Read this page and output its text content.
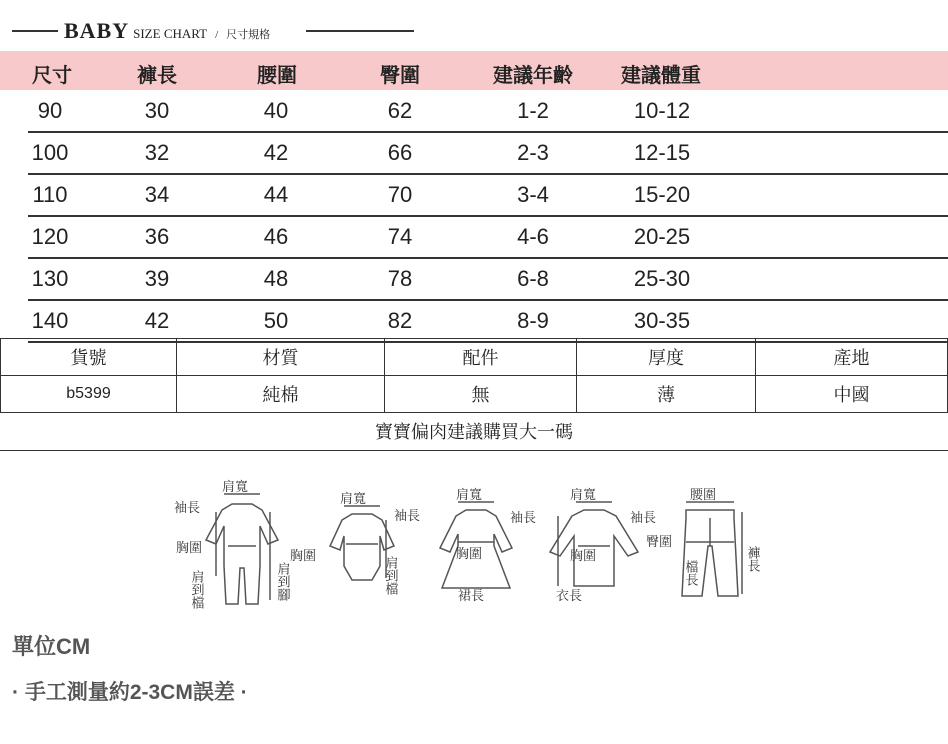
BABY SIZE CHART / 尺寸規格
尺寸	褲長	腰圍	臀圍	建議年齡 建議體重
90	30	40	62	1-2	10-12
100	32	42	66	2-3	12-15
110	34	44	70	3-4	15-20
120	36	46	74	4-6	20-25
130	39	48	78	6-8	25-30
140	42	50	82	8-9	30-35
貨號	材質	配件	厚度	產地
b5399	純棉	無	薄	中國
寶寶偏肉建議購買大一碼
肩寬
袖長
胸圍
肩到檔	肩到腳
肩寬
袖長
胸圍	肩到檔
肩寬
袖長
胸圍
裙長
肩寬
袖長
胸圍
衣長
腰圍
臀圍
檔長
褲長
單位CM
· 手工測量約2-3CM誤差 ·
